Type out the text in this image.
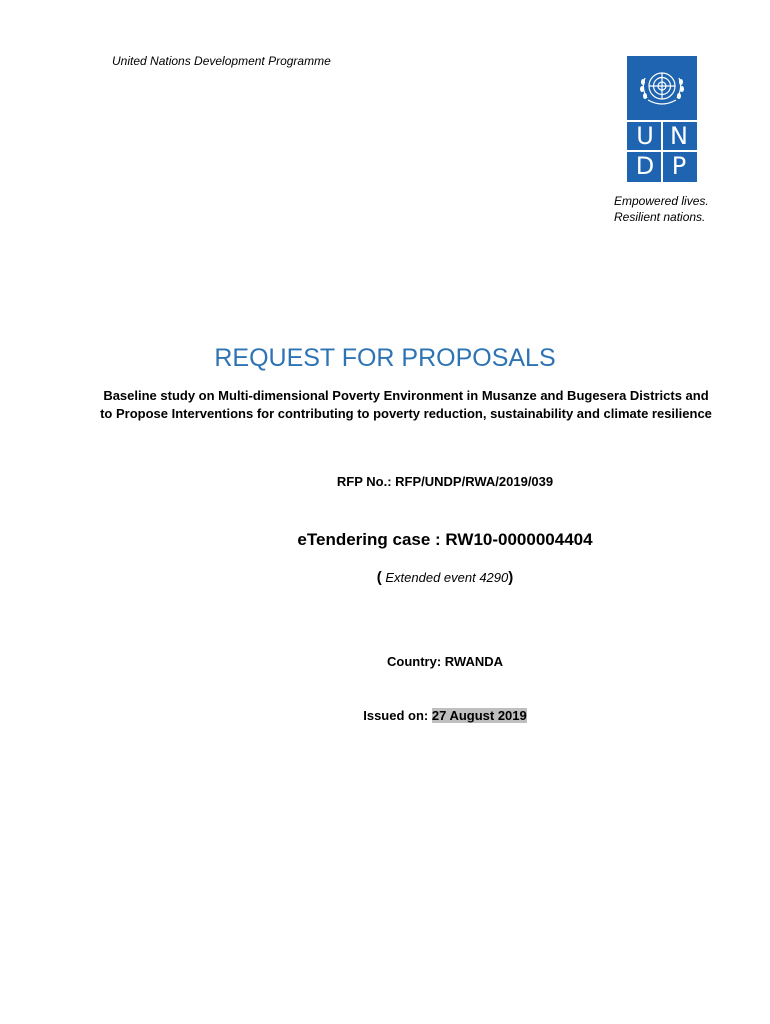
United Nations Development Programme
U N
D P
Empowered lives.
Resilient nations.
REQUEST FOR PROPOSALS
Baseline study on Multi-dimensional Poverty Environment in Musanze and Bugesera Districts and to Propose Interventions for contributing to poverty reduction, sustainability and climate resilience
RFP No.: RFP/UNDP/RWA/2019/039
eTendering case : RW10-0000004404
( Extended event 4290)
Country: RWANDA
Issued on: 27 August 2019
